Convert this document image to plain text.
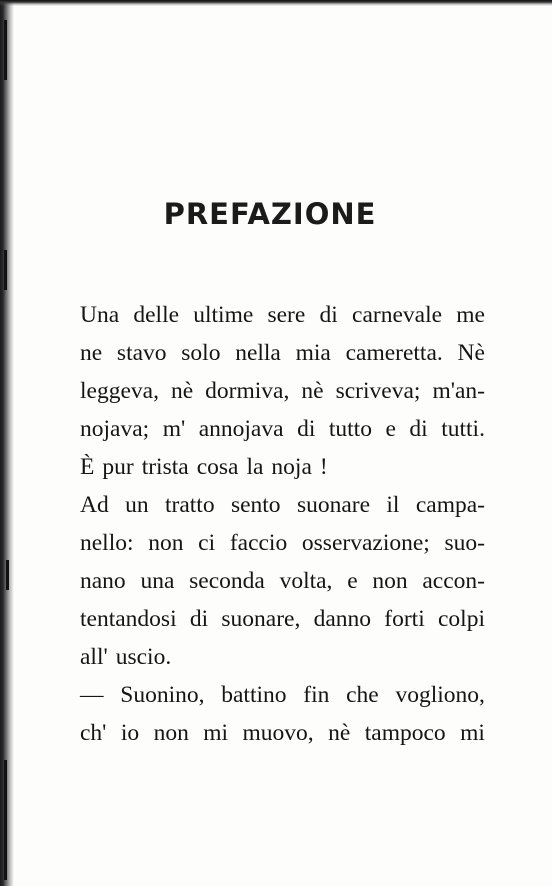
PREFAZIONE
Una delle ultime sere di carnevale me
ne stavo solo nella mia cameretta. Nè
leggeva, nè dormiva, nè scriveva; m'an-
nojava; m' annojava di tutto e di tutti.
È pur trista cosa la noja !
Ad un tratto sento suonare il campa-
nello: non ci faccio osservazione; suo-
nano una seconda volta, e non accon-
tentandosi di suonare, danno forti colpi
all' uscio.
— Suonino, battino fin che vogliono,
ch' io non mi muovo, nè tampoco mi
